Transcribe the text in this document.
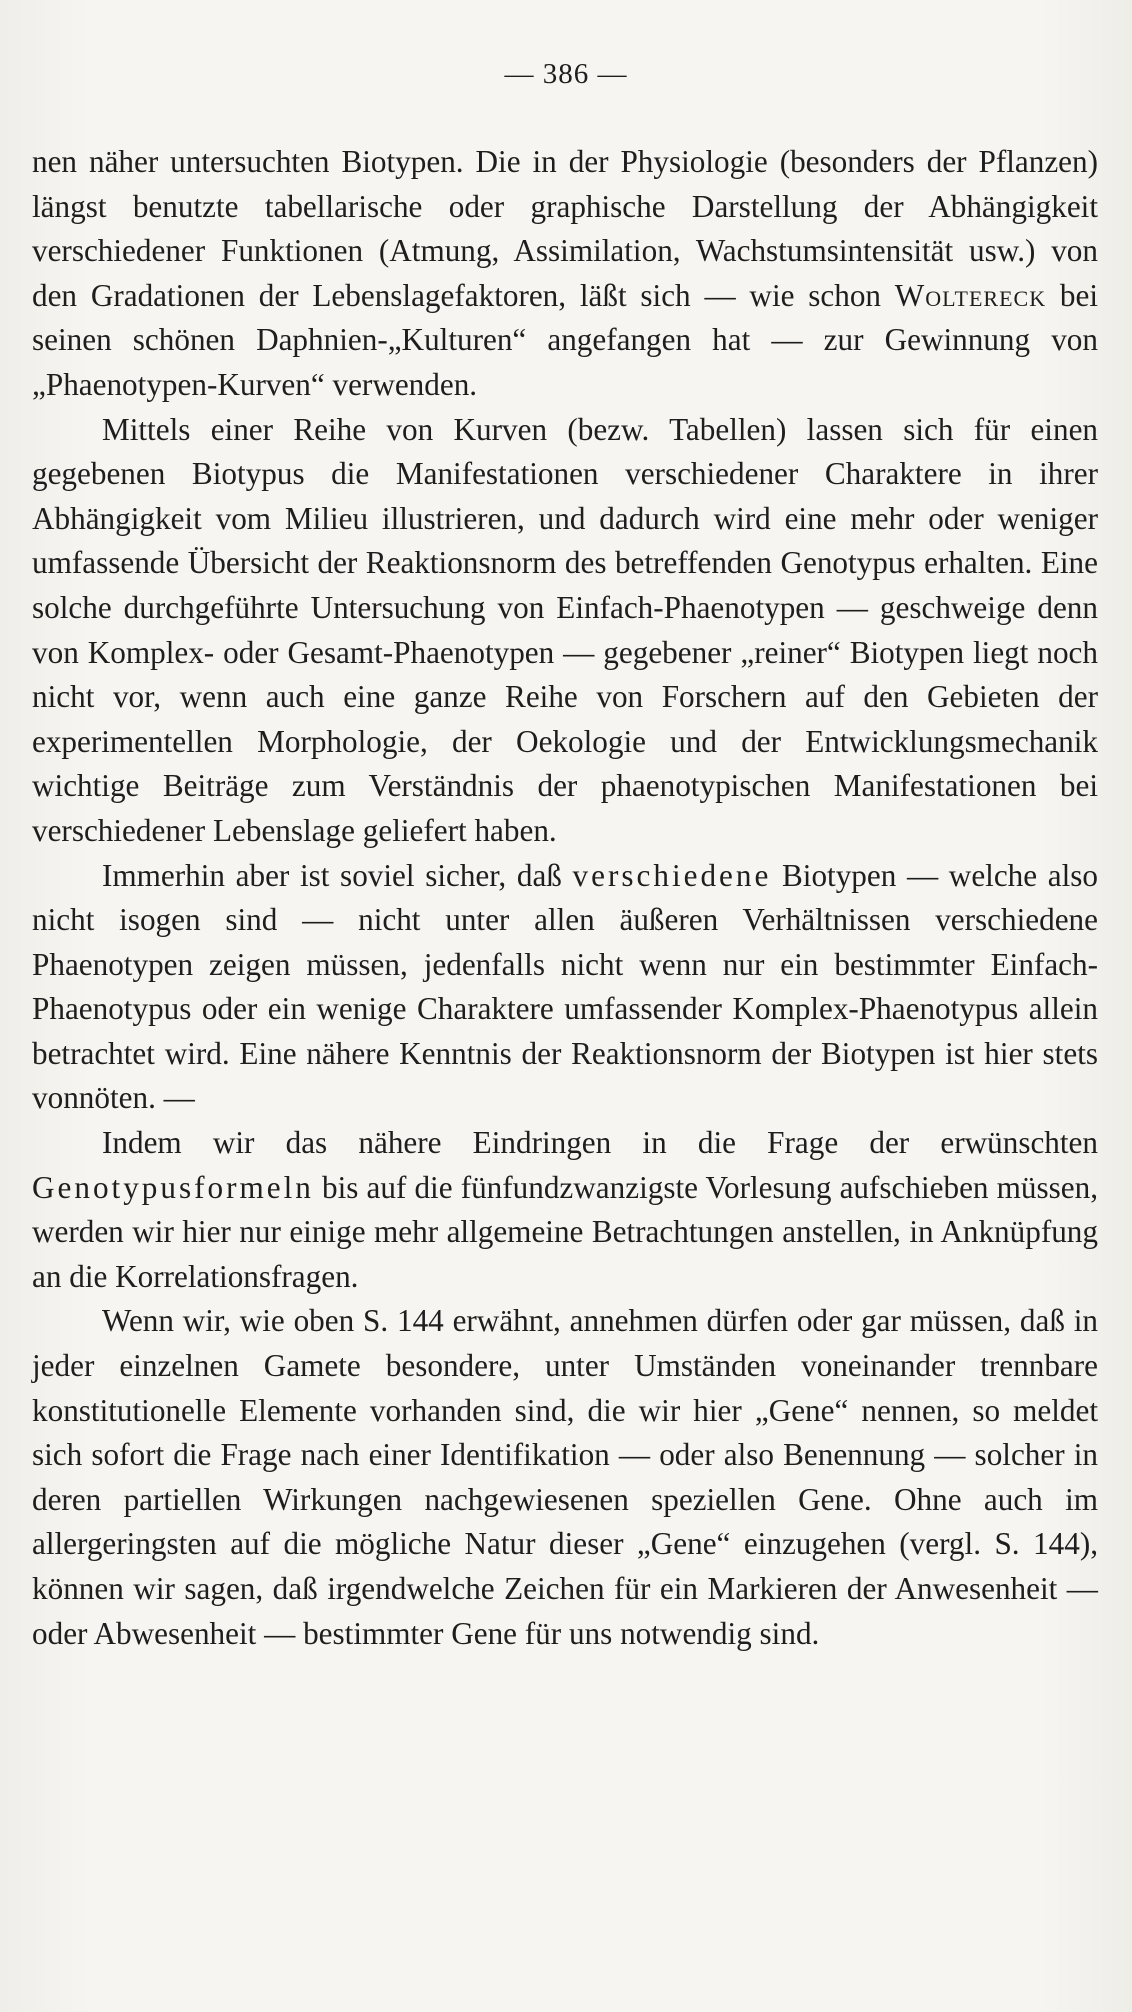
— 386 —

nen näher untersuchten Biotypen. Die in der Physiologie (besonders der Pflanzen) längst benutzte tabellarische oder graphische Darstellung der Abhängigkeit verschiedener Funktionen (Atmung, Assimilation, Wachstumsintensität usw.) von den Gradationen der Lebenslagefaktoren, läßt sich — wie schon Woltereck bei seinen schönen Daphnien-„Kulturen“ angefangen hat — zur Gewinnung von „Phaenotypen-Kurven“ verwenden.

Mittels einer Reihe von Kurven (bezw. Tabellen) lassen sich für einen gegebenen Biotypus die Manifestationen verschiedener Charaktere in ihrer Abhängigkeit vom Milieu illustrieren, und dadurch wird eine mehr oder weniger umfassende Übersicht der Reaktionsnorm des betreffenden Genotypus erhalten. Eine solche durchgeführte Untersuchung von Einfach-Phaenotypen — geschweige denn von Komplex- oder Gesamt-Phaenotypen — gegebener „reiner“ Biotypen liegt noch nicht vor, wenn auch eine ganze Reihe von Forschern auf den Gebieten der experimentellen Morphologie, der Oekologie und der Entwicklungsmechanik wichtige Beiträge zum Verständnis der phaenotypischen Manifestationen bei verschiedener Lebenslage geliefert haben.

Immerhin aber ist soviel sicher, daß verschiedene Biotypen — welche also nicht isogen sind — nicht unter allen äußeren Verhältnissen verschiedene Phaenotypen zeigen müssen, jedenfalls nicht wenn nur ein bestimmter Einfach-Phaenotypus oder ein wenige Charaktere umfassender Komplex-Phaenotypus allein betrachtet wird. Eine nähere Kenntnis der Reaktionsnorm der Biotypen ist hier stets vonnöten. —

Indem wir das nähere Eindringen in die Frage der erwünschten Genotypusformeln bis auf die fünfundzwanzigste Vorlesung aufschieben müssen, werden wir hier nur einige mehr allgemeine Betrachtungen anstellen, in Anknüpfung an die Korrelationsfragen.

Wenn wir, wie oben S. 144 erwähnt, annehmen dürfen oder gar müssen, daß in jeder einzelnen Gamete besondere, unter Umständen voneinander trennbare konstitutionelle Elemente vorhanden sind, die wir hier „Gene“ nennen, so meldet sich sofort die Frage nach einer Identifikation — oder also Benennung — solcher in deren partiellen Wirkungen nachgewiesenen speziellen Gene. Ohne auch im allergeringsten auf die mögliche Natur dieser „Gene“ einzugehen (vergl. S. 144), können wir sagen, daß irgendwelche Zeichen für ein Markieren der Anwesenheit — oder Abwesenheit — bestimmter Gene für uns notwendig sind.
